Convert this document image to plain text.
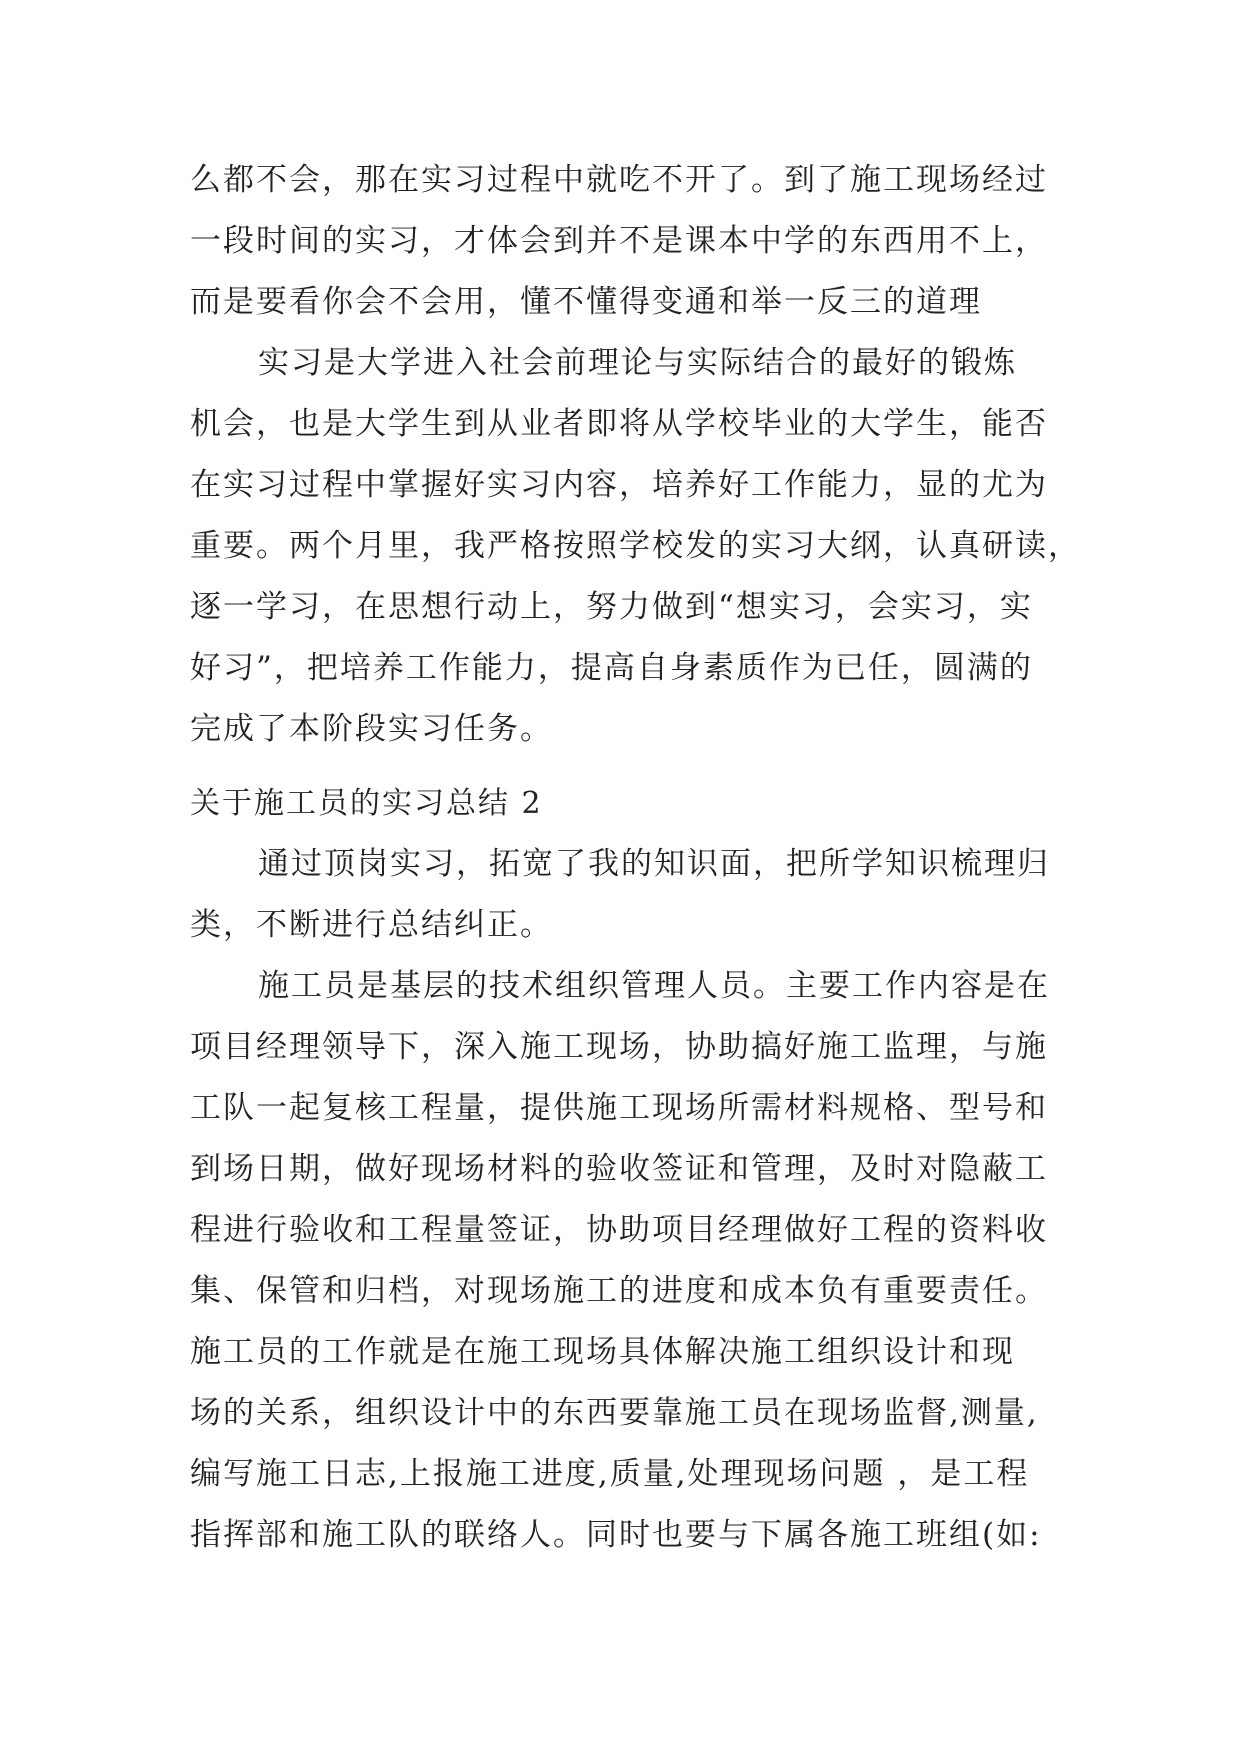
么都不会，那在实习过程中就吃不开了。到了施工现场经过
一段时间的实习，才体会到并不是课本中学的东西用不上，
而是要看你会不会用，懂不懂得变通和举一反三的道理
实习是大学进入社会前理论与实际结合的最好的锻炼
机会，也是大学生到从业者即将从学校毕业的大学生，能否
在实习过程中掌握好实习内容，培养好工作能力，显的尤为
重要。两个月里，我严格按照学校发的实习大纲，认真研读，
逐一学习，在思想行动上，努力做到“想实习，会实习，实
好习”，把培养工作能力，提高自身素质作为已任，圆满的
完成了本阶段实习任务。
关于施工员的实习总结 2
通过顶岗实习，拓宽了我的知识面，把所学知识梳理归
类，不断进行总结纠正。
施工员是基层的技术组织管理人员。主要工作内容是在
项目经理领导下，深入施工现场，协助搞好施工监理，与施
工队一起复核工程量，提供施工现场所需材料规格、型号和
到场日期，做好现场材料的验收签证和管理，及时对隐蔽工
程进行验收和工程量签证，协助项目经理做好工程的资料收
集、保管和归档，对现场施工的进度和成本负有重要责任。
施工员的工作就是在施工现场具体解决施工组织设计和现
场的关系，组织设计中的东西要靠施工员在现场监督,测量,
编写施工日志,上报施工进度,质量,处理现场问题 ，是工程
指挥部和施工队的联络人。同时也要与下属各施工班组(如:
